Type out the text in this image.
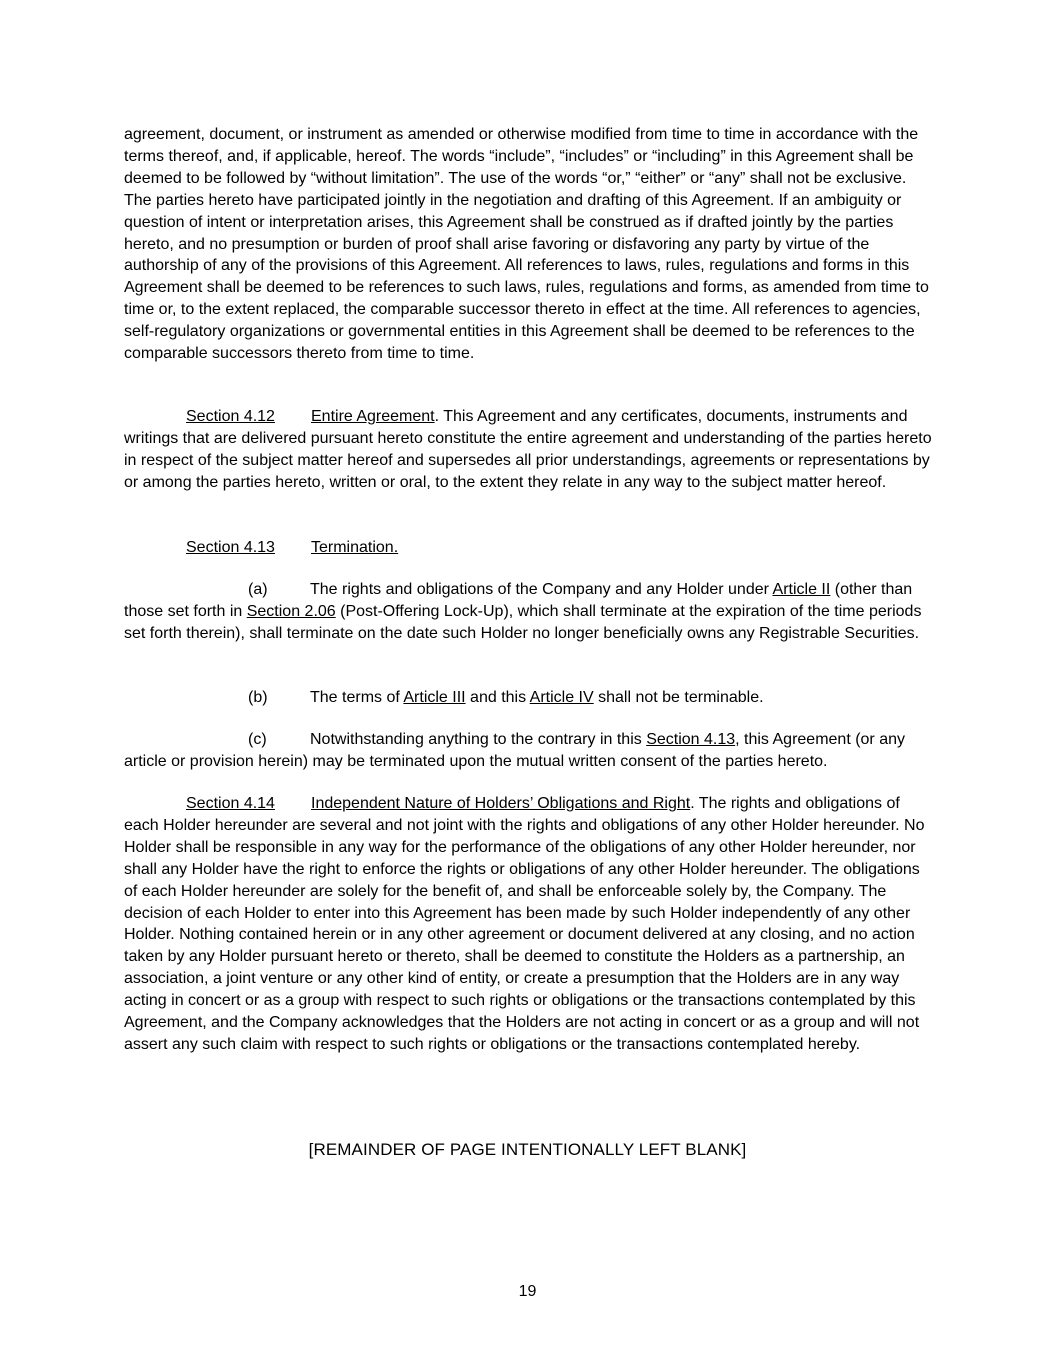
agreement, document, or instrument as amended or otherwise modified from time to time in accordance with the terms thereof, and, if applicable, hereof. The words “include”, “includes” or “including” in this Agreement shall be deemed to be followed by “without limitation”. The use of the words “or,” “either” or “any” shall not be exclusive. The parties hereto have participated jointly in the negotiation and drafting of this Agreement. If an ambiguity or question of intent or interpretation arises, this Agreement shall be construed as if drafted jointly by the parties hereto, and no presumption or burden of proof shall arise favoring or disfavoring any party by virtue of the authorship of any of the provisions of this Agreement. All references to laws, rules, regulations and forms in this Agreement shall be deemed to be references to such laws, rules, regulations and forms, as amended from time to time or, to the extent replaced, the comparable successor thereto in effect at the time. All references to agencies, self-regulatory organizations or governmental entities in this Agreement shall be deemed to be references to the comparable successors thereto from time to time.

Section 4.12 Entire Agreement. This Agreement and any certificates, documents, instruments and writings that are delivered pursuant hereto constitute the entire agreement and understanding of the parties hereto in respect of the subject matter hereof and supersedes all prior understandings, agreements or representations by or among the parties hereto, written or oral, to the extent they relate in any way to the subject matter hereof.

Section 4.13 Termination.

(a)	The rights and obligations of the Company and any Holder under Article II (other than those set forth in Section 2.06 (Post-Offering Lock-Up), which shall terminate at the expiration of the time periods set forth therein), shall terminate on the date such Holder no longer beneficially owns any Registrable Securities.

(b)	The terms of Article III and this Article IV shall not be terminable.

(c)	Notwithstanding anything to the contrary in this Section 4.13, this Agreement (or any article or provision herein) may be terminated upon the mutual written consent of the parties hereto.

Section 4.14 Independent Nature of Holders’ Obligations and Right. The rights and obligations of each Holder hereunder are several and not joint with the rights and obligations of any other Holder hereunder. No Holder shall be responsible in any way for the performance of the obligations of any other Holder hereunder, nor shall any Holder have the right to enforce the rights or obligations of any other Holder hereunder. The obligations of each Holder hereunder are solely for the benefit of, and shall be enforceable solely by, the Company. The decision of each Holder to enter into this Agreement has been made by such Holder independently of any other Holder. Nothing contained herein or in any other agreement or document delivered at any closing, and no action taken by any Holder pursuant hereto or thereto, shall be deemed to constitute the Holders as a partnership, an association, a joint venture or any other kind of entity, or create a presumption that the Holders are in any way acting in concert or as a group with respect to such rights or obligations or the transactions contemplated by this Agreement, and the Company acknowledges that the Holders are not acting in concert or as a group and will not assert any such claim with respect to such rights or obligations or the transactions contemplated hereby.

[REMAINDER OF PAGE INTENTIONALLY LEFT BLANK]
19
